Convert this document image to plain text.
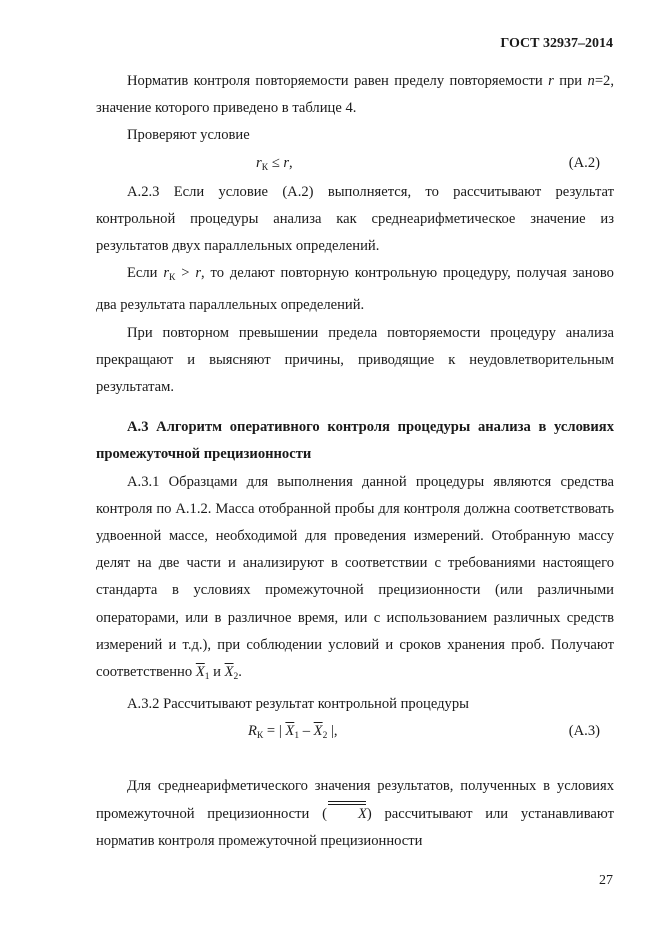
ГОСТ 32937–2014

Норматив контроля повторяемости равен пределу повторяемости r при n=2, значение которого приведено в таблице 4.

Проверяют условие

$r_К \le r$,	(A.2)

A.2.3 Если условие (A.2) выполняется, то рассчитывают результат контрольной процедуры анализа как среднеарифметическое значение из результатов двух параллельных определений.

Если $r_К > r$, то делают повторную контрольную процедуру, получая заново два результата параллельных определений.

При повторном превышении предела повторяемости процедуру анализа прекращают и выясняют причины, приводящие к неудовлетворительным результатам.

А.3 Алгоритм оперативного контроля процедуры анализа в условиях промежуточной прецизионности

A.3.1 Образцами для выполнения данной процедуры являются средства контроля по А.1.2. Масса отобранной пробы для контроля должна соответствовать удвоенной массе, необходимой для проведения измерений. Отобранную массу делят на две части и анализируют в соответствии с требованиями настоящего стандарта в условиях промежуточной прецизионности (или различными операторами, или в различное время, или с использованием различных средств измерений и т.д.), при соблюдении условий и сроков хранения проб. Получают соответственно $\overline{X}_1$ и $\overline{X}_2$.

A.3.2 Рассчитывают результат контрольной процедуры

$R_К$ = | $\overline{X}_1 - \overline{X}_2$ |,	(A.3)

Для среднеарифметического значения результатов, полученных в условиях промежуточной прецизионности ( X) рассчитывают или устанавливают норматив контроля промежуточной прецизионности

27
